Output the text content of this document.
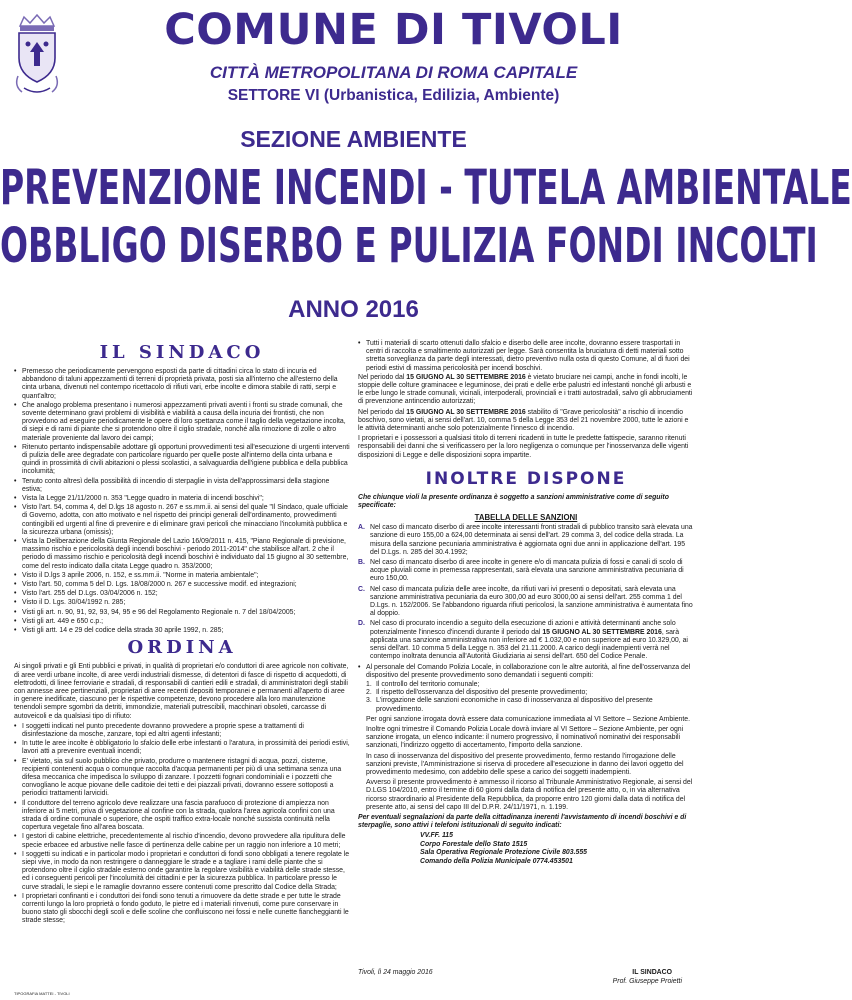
COMUNE DI TIVOLI
CITTÀ METROPOLITANA DI ROMA CAPITALE
SETTORE VI (Urbanistica, Edilizia, Ambiente)
SEZIONE AMBIENTE
PREVENZIONE INCENDI - TUTELA AMBIENTALE
OBBLIGO DISERBO E PULIZIA FONDI INCOLTI
ANNO 2016
IL SINDACO
• Premesso che periodicamente pervengono esposti da parte di cittadini circa lo stato di incuria ed abbandono di taluni appezzamenti di terreni di proprietà privata, posti sia all'interno che all'esterno della cinta urbana, divenuti nel contempo ricettacolo di rifiuti vari, erbe incolte e dimora stabile di ratti, serpi e quant'altro;
• Che analogo problema presentano i numerosi appezzamenti privati aventi i fronti su strade comunali, che sovente determinano gravi problemi di visibilità e viabilità a causa della incuria dei frontisti, che non provvedono ad eseguire periodicamente le opere di loro spettanza come il taglio della vegetazione incolta, di siepi e di rami di piante che si protendono oltre il ciglio stradale, nonché alla rimozione di zolle o altro materiale proveniente dal lavoro dei campi;
• Ritenuto pertanto indispensabile adottare gli opportuni provvedimenti tesi all'esecuzione di urgenti interventi di pulizia delle aree degradate con particolare riguardo per quelle poste all'interno della cinta urbana e quindi in prossimità di civili abitazioni o plessi scolastici, a salvaguardia dell'igiene pubblica e della pubblica incolumità;
• Tenuto conto altresì della possibilità di incendio di sterpaglie in vista dell'approssimarsi della stagione estiva;
• Vista la Legge 21/11/2000 n. 353 "Legge quadro in materia di incendi boschivi";
• Visto l'art. 54, comma 4, del D.lgs 18 agosto n. 267 e ss.mm.ii. ai sensi del quale "Il Sindaco, quale ufficiale di Governo, adotta, con atto motivato e nel rispetto dei principi generali dell'ordinamento, provvedimenti contingibili ed urgenti al fine di prevenire e di eliminare gravi pericoli che minacciano l'incolumità pubblica e la sicurezza urbana (omissis);
• Vista la Deliberazione della Giunta Regionale del Lazio 16/09/2011 n. 415, "Piano Regionale di previsione, massimo rischio e pericolosità degli incendi boschivi - periodo 2011-2014" che stabilisce all'art. 2 che il periodo di massimo rischio e pericolosità degli incendi boschivi è individuato dal 15 giugno al 30 settembre, come del resto indicato dalla citata Legge quadro n. 353/2000;
• Visto il D.lgs 3 aprile 2006, n. 152, e ss.mm.ii. "Norme in materia ambientale";
• Visto l'art. 50, comma 5 del D. Lgs. 18/08/2000 n. 267 e successive modif. ed integrazioni;
• Visto l'art. 255 del D.Lgs. 03/04/2006 n. 152;
• Visto il D. Lgs. 30/04/1992 n. 285;
• Visti gli art. n. 90, 91, 92, 93, 94, 95 e 96 del Regolamento Regionale n. 7 del 18/04/2005;
• Visti gli art. 449 e 650 c.p.;
• Visti gli artt. 14 e 29 del codice della strada 30 aprile 1992, n. 285;
ORDINA

Ai singoli privati e gli Enti pubblici e privati, in qualità di proprietari e/o conduttori di aree agricole non coltivate, di aree verdi urbane incolte, di aree verdi industriali dismesse, di detentori di fasce di rispetto di acquedotti, di elettrodotti, di linee ferroviarie e stradali, di responsabili di cantieri edili e stradali, di amministratori degli stabili con annesse aree pertinenziali, proprietari di aree recenti depositi temporanei e permanenti all'aperto di aree in genere inedificate, ciascuno per le rispettive competenze, devono procedere alla loro manutenzione tenendoli sempre sgombri da detriti, immondizie, materiali putrescibili, macchinari obsoleti, carcasse di autoveicoli e da qualsiasi tipo di rifiuto:

• I soggetti indicati nel punto precedente dovranno provvedere a proprie spese a trattamenti di disinfestazione da mosche, zanzare, topi ed altri agenti infestanti;
• In tutte le aree incolte è obbligatorio lo sfalcio delle erbe infestanti o l'aratura, in prossimità dei periodi estivi, lavori atti a prevenire eventuali incendi;
• E' vietato, sia sul suolo pubblico che privato, produrre o mantenere ristagni di acqua, pozzi, cisterne, recipienti contenenti acqua o comunque raccolta d'acqua permanenti per più di una settimana senza una difesa meccanica che impedisca lo sviluppo di zanzare. I pozzetti fognari condominiali e i pozzetti che convogliano le acque piovane delle caditoie dei tetti e dei piazzali privati, dovranno essere sottoposti a periodici trattamenti larvicidi.
• Il conduttore del terreno agricolo deve realizzare una fascia parafuoco di protezione di ampiezza non inferiore ai 5 metri, priva di vegetazione al confine con la strada, qualora l'area agricola confini con una strada di ordine comunale o superiore, che ospiti traffico extra-locale nonché sussista continuità nella copertura vegetale fino all'area boscata.
• I gestori di cabine elettriche, precedentemente al rischio d'incendio, devono provvedere alla ripulitura delle specie erbacee ed arbustive nelle fasce di pertinenza delle cabine per un raggio non inferiore a 10 metri;
• I soggetti su indicati e in particolar modo i proprietari e conduttori di fondi sono obbligati a tenere regolate le siepi vive, in modo da non restringere o danneggiare le strade e a tagliare i rami delle piante che si protendono oltre il ciglio stradale esterno onde garantire la regolare visibilità e viabilità delle strade stesse, ed i conseguenti pericoli per l'incolumità dei cittadini e per la sicurezza pubblica. In particolare presso le curve stradali, le siepi e le ramaglie dovranno essere contenuti come prescritto dal Codice della Strada;
• I proprietari confinanti e i conduttori dei fondi sono tenuti a rimuovere da dette strade e per tutte le strade correnti lungo la loro proprietà o fondo goduto, le pietre ed i materiali rinvenuti, come pure conservare in buono stato gli sbocchi degli scoli e delle scoline che confluiscono nei fossi e nelle cunette fiancheggianti le strade stesse;
• Tutti i materiali di scarto ottenuti dallo sfalcio e diserbo delle aree incolte, dovranno essere trasportati in centri di raccolta e smaltimento autorizzati per legge. Sarà consentita la bruciatura di detti materiali sotto stretta sorveglianza da parte degli interessati, dietro preventivo nulla osta di questo Comune, al di fuori dei periodi estivi di massima pericolosità per incendi boschivi.

Nel periodo dal 15 GIUGNO AL 30 SETTEMBRE 2016 è vietato bruciare nei campi, anche in fondi incolti, le stoppie delle colture graminacee e leguminose, dei prati e delle erbe palustri ed infestanti nonché gli arbusti e le erbe lungo le strade comunali, vicinali, interpoderali, provinciali e i tratti autostradali, salvo gli abbruciamenti di prevenzione antincendio autorizzati;

Nel periodo dal 15 GIUGNO AL 30 SETTEMBRE 2016 stabilito di "Grave pericolosità" a rischio di incendio boschivo, sono vietati, ai sensi dell'art. 10, comma 5 della Legge 353 del 21 novembre 2000, tutte le azioni e le attività determinanti anche solo potenzialmente l'innesco di incendio.

I proprietari e i possessori a qualsiasi titolo di terreni ricadenti in tutte le predette fattispecie, saranno ritenuti responsabili dei danni che si verificassero per la loro negligenza o comunque per l'inosservanza delle vigenti disposizioni di Legge e delle disposizioni sopra impartite.

INOLTRE DISPONE

Che chiunque violi la presente ordinanza è soggetto a sanzioni amministrative come di seguito specificate:

TABELLA DELLE SANZIONI
A. Nel caso di mancato diserbo di aree incolte interessanti fronti stradali di pubblico transito sarà elevata una sanzione di euro 155,00 a 624,00 determinata ai sensi dell'art. 29 comma 3, del codice della strada. La misura della sanzione pecuniaria amministrativa è aggiornata ogni due anni in applicazione dell'art. 195 del D.Lgs. n. 285 del 30.4.1992;
B. Nel caso di mancato diserbo di aree incolte in genere e/o di mancata pulizia di fossi e canali di scolo di acque pluviali come in premessa rappresentati, sarà elevata una sanzione amministrativa pecuniaria di euro 150,00.
C. Nel caso di mancata pulizia delle aree incolte, da rifiuti vari ivi presenti o depositati, sarà elevata una sanzione amministrativa pecuniaria da euro 300,00 ad euro 3000,00 ai sensi dell'art. 255 comma 1 del D.Lgs. n. 152/2006. Se l'abbandono riguarda rifiuti pericolosi, la sanzione amministrativa è aumentata fino al doppio.
D. Nel caso di procurato incendio a seguito della esecuzione di azioni e attività determinanti anche solo potenzialmente l'innesco d'incendi durante il periodo dal 15 GIUGNO AL 30 SETTEMBRE 2016, sarà applicata una sanzione amministrativa non inferiore ad € 1.032,00 e non superiore ad euro 10.329,00, ai sensi dell'art. 10 comma 5 della Legge n. 353 del 21.11.2000. A carico degli inadempienti verrà nel contempo inoltrata denuncia all'Autorità Giudiziaria ai sensi dell'art. 650 del Codice Penale.
• Al personale del Comando Polizia Locale, in collaborazione con le altre autorità, al fine dell'osservanza del dispositivo del presente provvedimento sono demandati i seguenti compiti:
1. Il controllo del territorio comunale;
2. Il rispetto dell'osservanza del dispositivo del presente provvedimento;
3. L'irrogazione delle sanzioni economiche in caso di inosservanza al dispositivo del presente provvedimento.

Per ogni sanzione irrogata dovrà essere data comunicazione immediata al VI Settore – Sezione Ambiente.

Inoltre ogni trimestre il Comando Polizia Locale dovrà inviare al VI Settore – Sezione Ambiente, per ogni sanzione irrogata, un elenco indicante: il numero progressivo, il nominativo/i nominativi dei responsabili sanzionati, l'indirizzo oggetto di accertamento, l'importo della sanzione.

In caso di inosservanza del dispositivo del presente provvedimento, fermo restando l'irrogazione delle sanzioni previste, l'Amministrazione si riserva di procedere all'esecuzione in danno dei lavori oggetto del provvedimento medesimo, con addebito delle spese a carico dei soggetti inadempienti.

Avverso il presente provvedimento è ammesso il ricorso al Tribunale Amministrativo Regionale, ai sensi del D.LGS 104/2010, entro il termine di 60 giorni dalla data di notifica del presente atto, o, in via alternativa ricorso straordinario al Presidente della Repubblica, da proporre entro 120 giorni dalla data di notifica del presente atto, ai sensi del capo III del D.P.R. 24/11/1971, n. 1.199.

Per eventuali segnalazioni da parte della cittadinanza inerenti l'avvistamento di incendi boschivi e di sterpaglie, sono attivi i telefoni istituzionali di seguito indicati:

VV.FF. 115
Corpo Forestale dello Stato 1515
Sala Operativa Regionale Protezione Civile 803.555
Comando della Polizia Municipale 0774.453501
Tivoli, lì 24 maggio 2016	IL SINDACO
Prof. Giuseppe Proietti
TIPOGRAFIA MATTEI - TIVOLI
